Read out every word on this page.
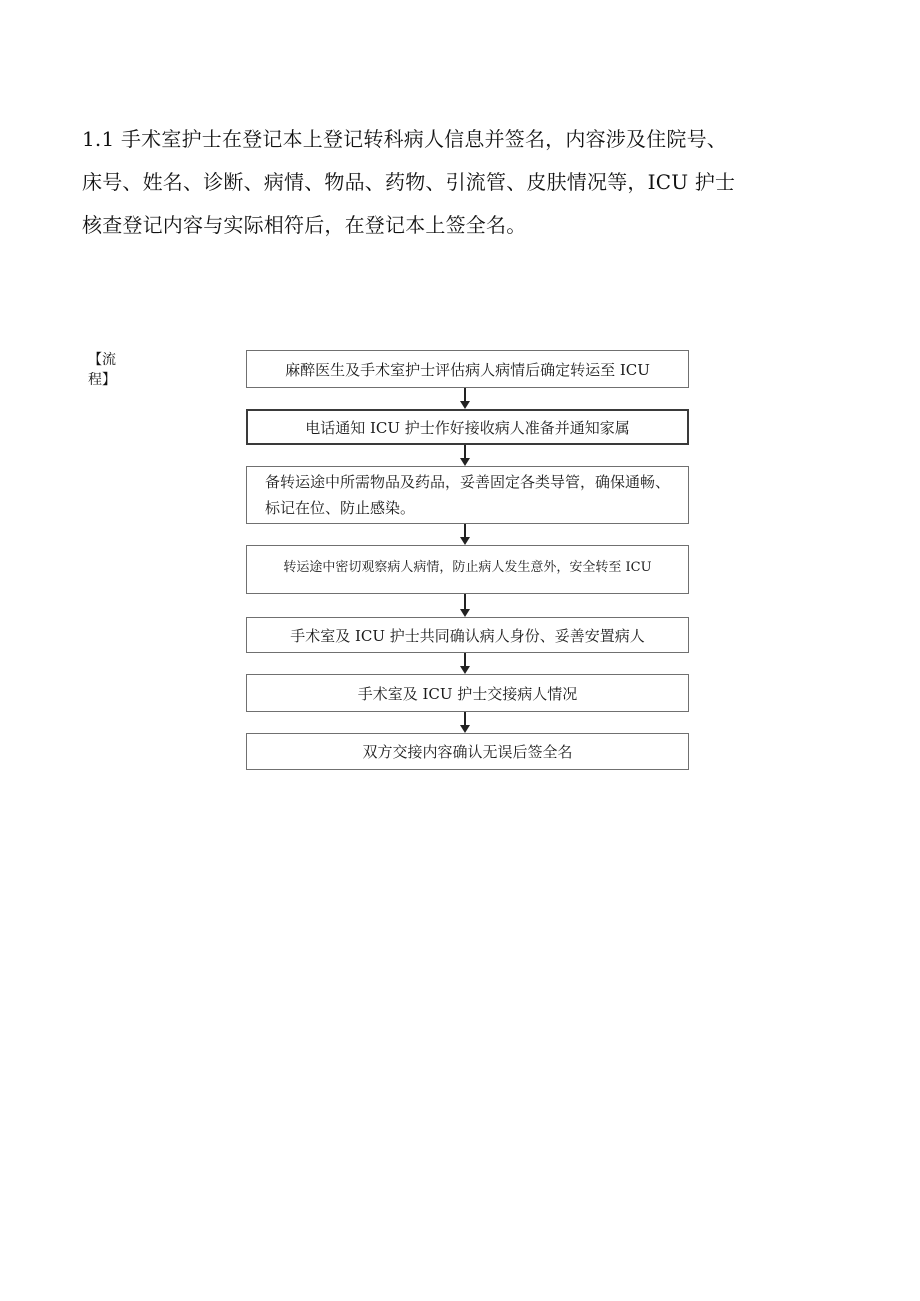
1.1 手术室护士在登记本上登记转科病人信息并签名，内容涉及住院号、
床号、姓名、诊断、病情、物品、药物、引流管、皮肤情况等，ICU 护士
核查登记内容与实际相符后，在登记本上签全名。

【流
程】
麻醉医生及手术室护士评估病人病情后确定转运至 ICU
电话通知 ICU 护士作好接收病人准备并通知家属
备转运途中所需物品及药品，妥善固定各类导管，确保通畅、
标记在位、防止感染。
转运途中密切观察病人病情，防止病人发生意外，安全转至 ICU
手术室及 ICU 护士共同确认病人身份、妥善安置病人
手术室及 ICU 护士交接病人情况
双方交接内容确认无误后签全名
